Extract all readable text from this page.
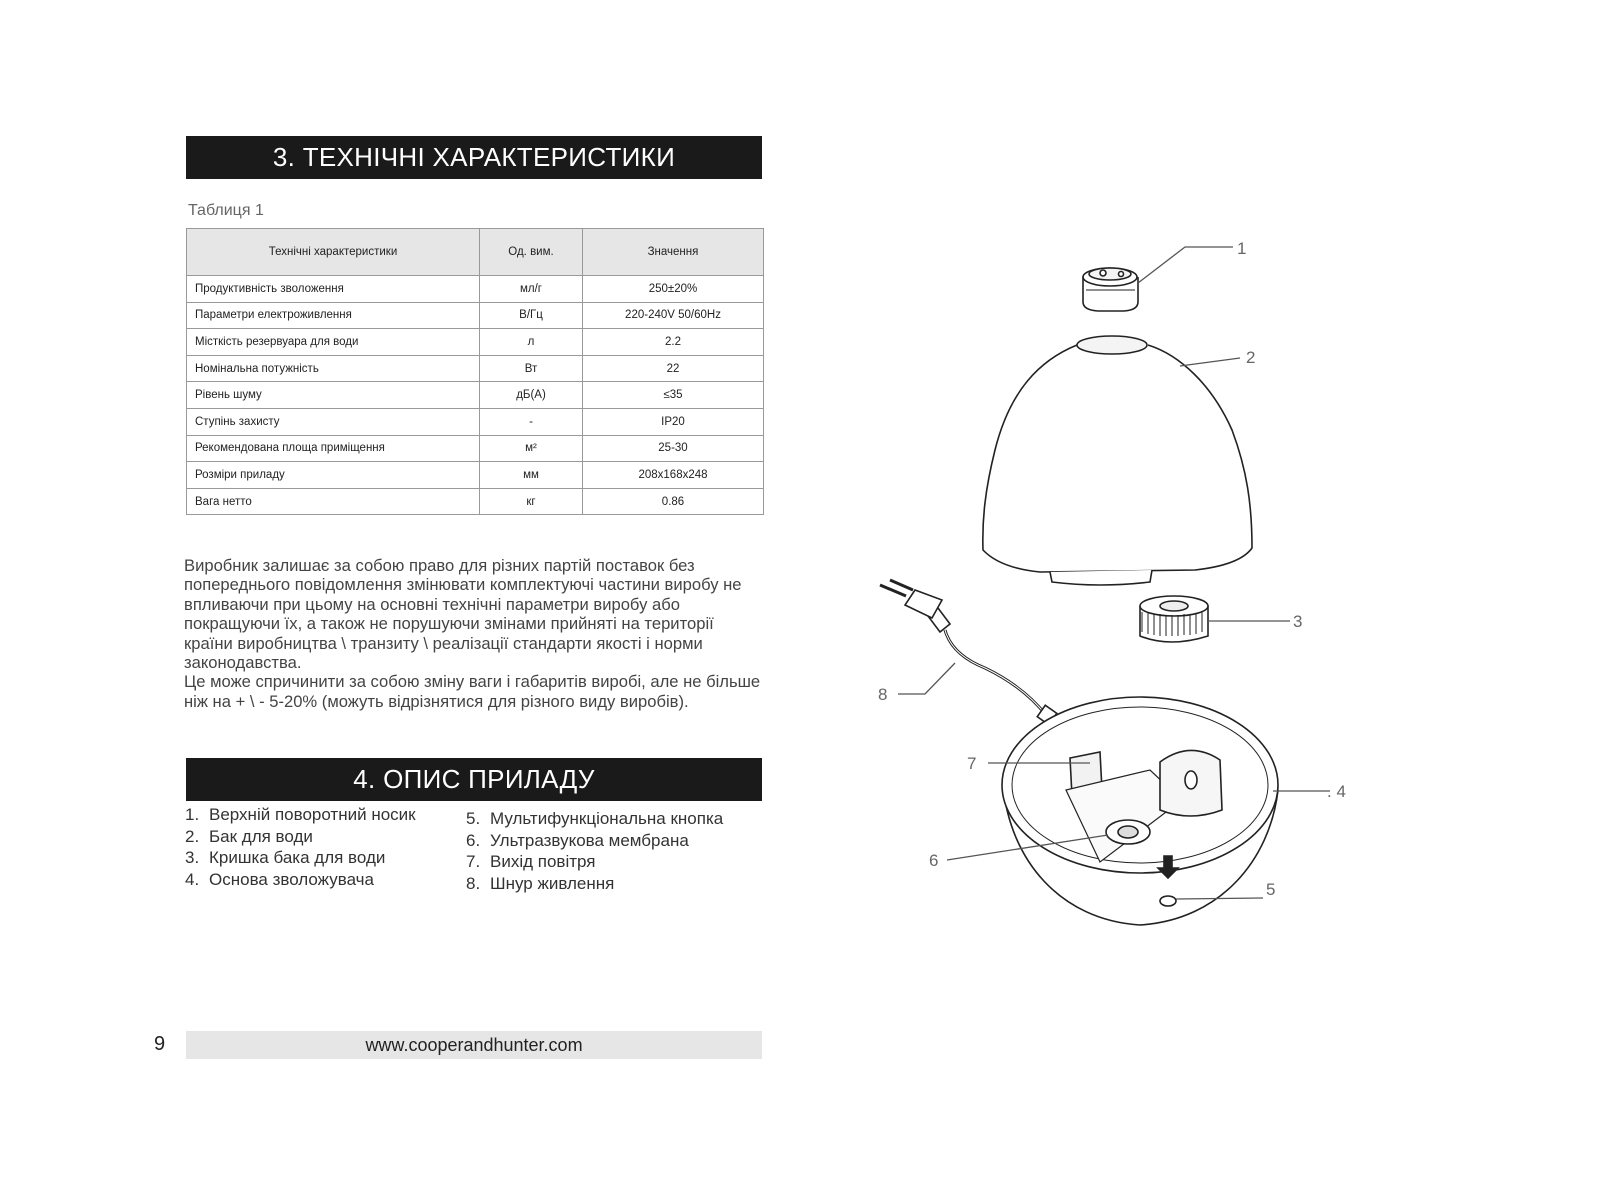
3. ТЕХНІЧНІ ХАРАКТЕРИСТИКИ
Таблиця 1
Технічні характеристики	Од. вим.	Значення
Продуктивність зволоження	мл/г	250±20%
Параметри електроживлення	В/Гц	220-240V 50/60Hz
Місткість резервуара для води	л	2.2
Номінальна потужність	Вт	22
Рівень шуму	дБ(А)	≤35
Ступінь захисту	-	IP20
Рекомендована площа приміщення	м²	25-30
Розміри приладу	мм	208x168x248
Вага нетто	кг	0.86

Виробник залишає за собою право для різних партій поставок без попереднього повідомлення змінювати комплектуючі частини виробу не впливаючи при цьому на основні технічні параметри виробу або покращуючи їх, а також не порушуючи змінами прийняті на території країни виробництва \ транзиту \ реалізації стандарти якості і норми законодавства.

Це може спричинити за собою зміну ваги і габаритів виробі, але не більше ніж на + \ - 5-20% (можуть відрізнятися для різного виду виробів).

4. ОПИС ПРИЛАДУ
1. Верхній поворотний носик
2. Бак для води
3. Кришка бака для води
4. Основа зволожувача
5. Мультифункціональна кнопка
6. Ультразвукова мембрана
7. Вихід повітря
8. Шнур живлення
1
2
3
. 4
5
6
7
8
9	www.cooperandhunter.com
